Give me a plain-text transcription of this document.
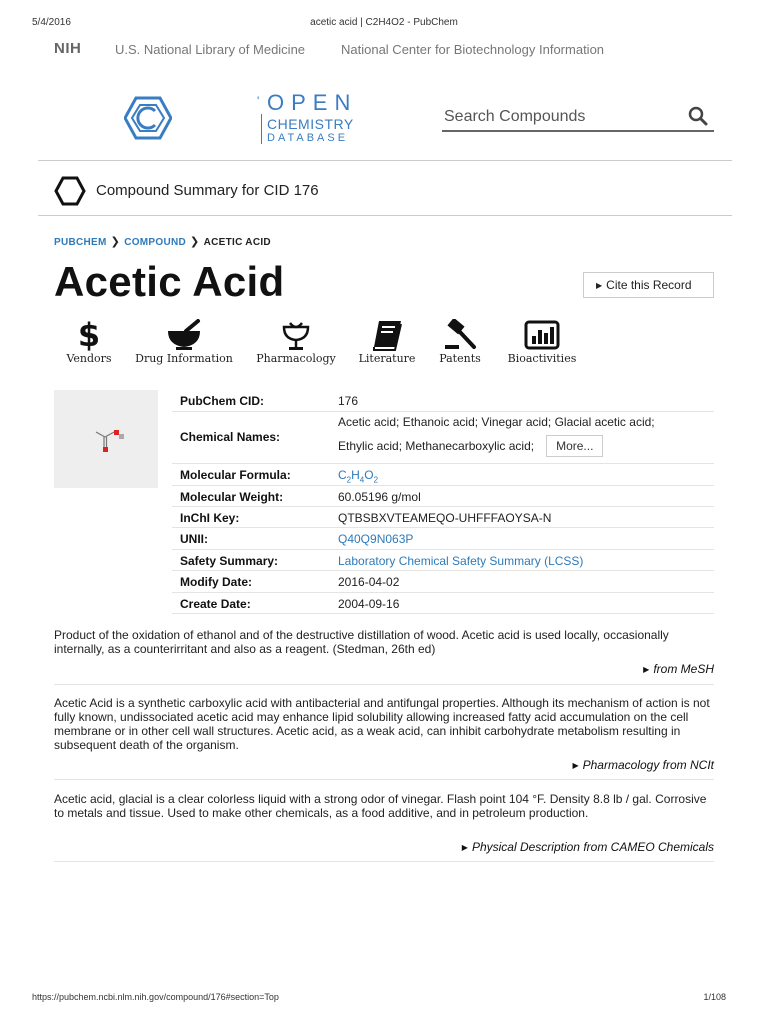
5/4/2016	acetic acid | C2H4O2 - PubChem
NIH	U.S. National Library of Medicine	National Center for Biotechnology Information
' OPEN
CHEMISTRY
DATABASE
Search Compounds
Compound Summary for CID 176
PUBCHEM ❯ COMPOUND ❯ ACETIC ACID
Acetic Acid	▶ Cite this Record
$
Vendors	Drug Information Pharmacology Literature	Patents	Bioactivities
PubChem CID:	176
Chemical Names:
Acetic acid; Ethanoic acid; Vinegar acid; Glacial acetic acid;
Ethylic acid; Methanecarboxylic acid; More...
Molecular Formula:	$C_2H_4O_2$
Molecular Weight:	60.05196 g/mol
InChI Key:	QTBSBXVTEAMEQO-UHFFFAOYSA-N
UNII:	Q40Q9N063P
Safety Summary:	Laboratory Chemical Safety Summary (LCSS)
Modify Date:	2016-04-02
Create Date:	2004-09-16
Product of the oxidation of ethanol and of the destructive distillation of wood. Acetic acid is used locally, occasionally internally, as a counterirritant and also as a reagent. (Stedman, 26th ed)
▶ from MeSH
Acetic Acid is a synthetic carboxylic acid with antibacterial and antifungal properties. Although its mechanism of action is not fully known, undissociated acetic acid may enhance lipid solubility allowing increased fatty acid accumulation on the cell membrane or in other cell wall structures. Acetic acid, as a weak acid, can inhibit carbohydrate metabolism resulting in subsequent death of the organism.
▶ Pharmacology from NCIt
Acetic acid, glacial is a clear colorless liquid with a strong odor of vinegar. Flash point 104 °F. Density 8.8 lb / gal. Corrosive to metals and tissue. Used to make other chemicals, as a food additive, and in petroleum production.
▶ Physical Description from CAMEO Chemicals
https://pubchem.ncbi.nlm.nih.gov/compound/176#section=Top	1/108
